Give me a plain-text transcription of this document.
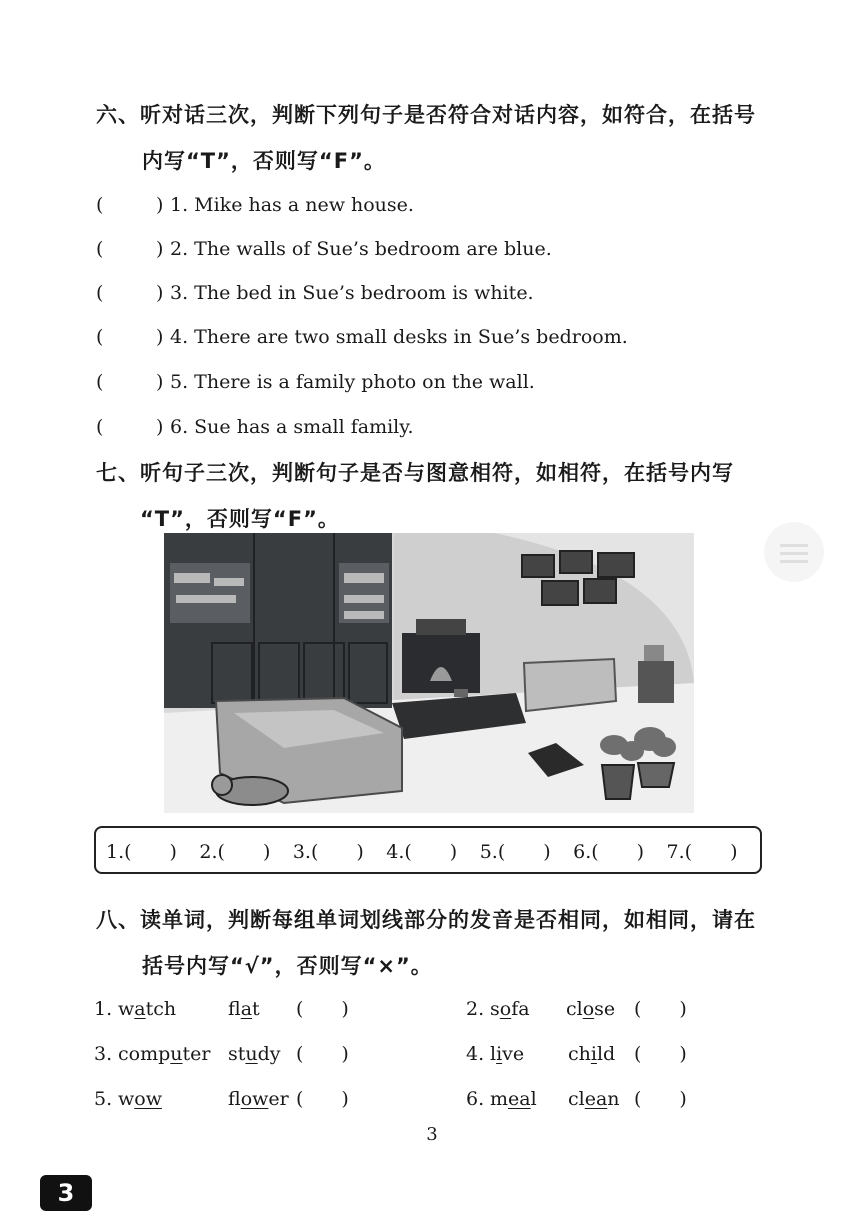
六、听对话三次，判断下列句子是否符合对话内容，如符合，在括号
内写“T”，否则写“F”。
(	) 1. Mike has a new house.
(	) 2. The walls of Sue’s bedroom are blue.
(	) 3. The bed in Sue’s bedroom is white.
(	) 4. There are two small desks in Sue’s bedroom.
(	) 5. There is a family photo on the wall.
(	) 6. Sue has a small family.
七、听句子三次，判断句子是否与图意相符，如相符，在括号内写
“T”，否则写“F”。
1.(　　)	2.(　　)	3.(　　)	4.(　　)	5.(　　)	6.(　　)	7.(　　)
八、读单词，判断每组单词划线部分的发音是否相同，如相同，请在
括号内写“√”，否则写“×”。
1. watch	flat (　　)	2. sofa close (　　)
3. computer study (　　)	4. live child (　　)
5. wow	flower (　　)	6. meal clean (　　)
3
3
